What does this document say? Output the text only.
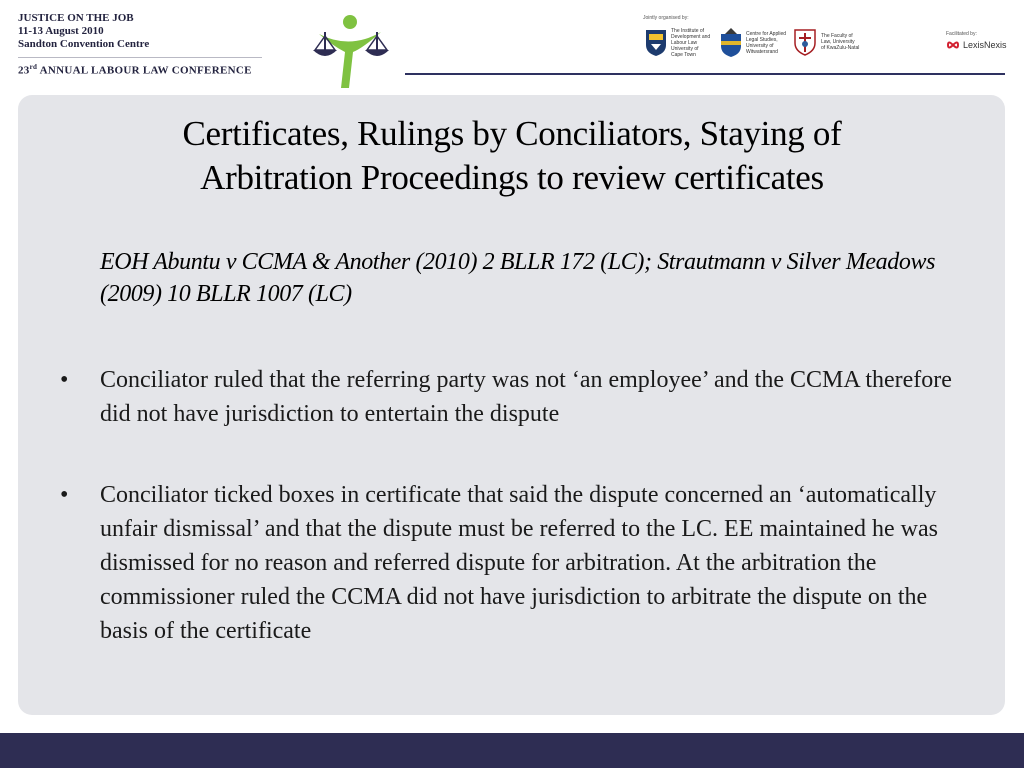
JUSTICE ON THE JOB
11-13 August 2010
Sandton Convention Centre
23rd ANNUAL LABOUR LAW CONFERENCE
Jointly organised by:
The Institute of
Development and
Labour Law
University of
Cape Town
Centre for Applied
Legal Studies,
University of
Witwatersrand
The Faculty of
Law, University
of KwaZulu-Natal
Facilitated by:
LexisNexis
Certificates, Rulings by Conciliators, Staying of
Arbitration Proceedings to review certificates
EOH Abuntu v CCMA & Another (2010) 2 BLLR 172 (LC); Strautmann v Silver Meadows (2009) 10 BLLR 1007 (LC)
• Conciliator ruled that the referring party was not ‘an employee’ and the CCMA therefore did not have jurisdiction to entertain the dispute
• Conciliator ticked boxes in certificate that said the dispute concerned an ‘automatically unfair dismissal’ and that the dispute must be referred to the LC. EE maintained he was dismissed for no reason and referred dispute for arbitration. At the arbitration the commissioner ruled the CCMA did not have jurisdiction to arbitrate the dispute on the basis of the certificate
